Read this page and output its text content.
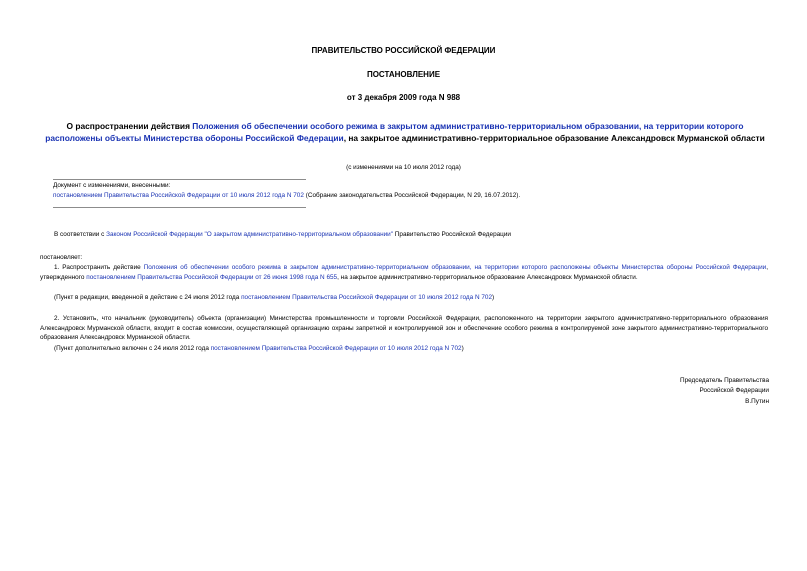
ПРАВИТЕЛЬСТВО РОССИЙСКОЙ ФЕДЕРАЦИИ
ПОСТАНОВЛЕНИЕ
от 3 декабря 2009 года N 988
О распространении действия Положения об обеспечении особого режима в закрытом административно-территориальном образовании, на территории которого расположены объекты Министерства обороны Российской Федерации, на закрытое административно-территориальное образование Александровск Мурманской области
(с изменениями на 10 июля 2012 года)
Документ с изменениями, внесенными:
постановлением Правительства Российской Федерации от 10 июля 2012 года N 702 (Собрание законодательства Российской Федерации, N 29, 16.07.2012).
В соответствии с Законом Российской Федерации "О закрытом административно-территориальном образовании" Правительство Российской Федерации
постановляет:
1. Распространить действие Положения об обеспечении особого режима в закрытом административно-территориальном образовании, на территории которого расположены объекты Министерства обороны Российской Федерации, утвержденного постановлением Правительства Российской Федерации от 26 июня 1998 года N 655, на закрытое административно-территориальное образование Александровск Мурманской области.
(Пункт в редакции, введенной в действие с 24 июля 2012 года постановлением Правительства Российской Федерации от 10 июля 2012 года N 702)
2. Установить, что начальник (руководитель) объекта (организации) Министерства промышленности и торговли Российской Федерации, расположенного на территории закрытого административно-территориального образования Александровск Мурманской области, входит в состав комиссии, осуществляющей организацию охраны запретной и контролируемой зон и обеспечение особого режима в контролируемой зоне закрытого административно-территориального образования Александровск Мурманской области.
(Пункт дополнительно включен с 24 июля 2012 года постановлением Правительства Российской Федерации от 10 июля 2012 года N 702)
Председатель Правительства
Российской Федерации
В.Путин
